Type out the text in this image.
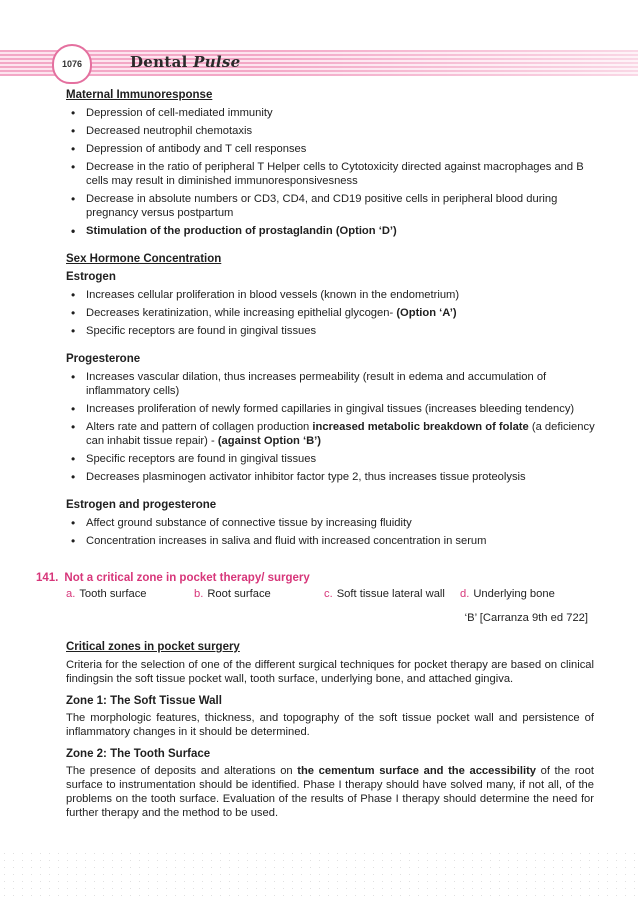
1076	Dental Pulse
Maternal Immunoresponse
• Depression of cell-mediated immunity
• Decreased neutrophil chemotaxis
• Depression of antibody and T cell responses
• Decrease in the ratio of peripheral T Helper cells to Cytotoxicity directed against macrophages and B cells may result in diminished immunoresponsivesness
• Decrease in absolute numbers or CD3, CD4, and CD19 positive cells in peripheral blood during pregnancy versus postpartum
• Stimulation of the production of prostaglandin (Option ‘D’)
Sex Hormone Concentration
Estrogen
• Increases cellular proliferation in blood vessels (known in the endometrium)
• Decreases keratinization, while increasing epithelial glycogen- (Option ‘A’)
• Specific receptors are found in gingival tissues
Progesterone
• Increases vascular dilation, thus increases permeability (result in edema and accumulation of inflammatory cells)
• Increases proliferation of newly formed capillaries in gingival tissues (increases bleeding tendency)
• Alters rate and pattern of collagen production increased metabolic breakdown of folate (a deficiency can inhabit tissue repair) - (against Option ‘B’)
• Specific receptors are found in gingival tissues
• Decreases plasminogen activator inhibitor factor type 2, thus increases tissue proteolysis
Estrogen and progesterone
• Affect ground substance of connective tissue by increasing fluidity
• Concentration increases in saliva and fluid with increased concentration in serum
141. Not a critical zone in pocket therapy/ surgery
a. Tooth surface	b. Root surface	c. Soft tissue lateral wall	d. Underlying bone
‘B’ [Carranza 9th ed 722]
Critical zones in pocket surgery

Criteria for the selection of one of the different surgical techniques for pocket therapy are based on clinical findingsin the soft tissue pocket wall, tooth surface, underlying bone, and attached gingiva.

Zone 1: The Soft Tissue Wall

The morphologic features, thickness, and topography of the soft tissue pocket wall and persistence of inflammatory changes in it should be determined.

Zone 2: The Tooth Surface

The presence of deposits and alterations on the cementum surface and the accessibility of the root surface to instrumentation should be identified. Phase I therapy should have solved many, if not all, of the problems on the tooth surface. Evaluation of the results of Phase I therapy should determine the need for further therapy and the method to be used.
